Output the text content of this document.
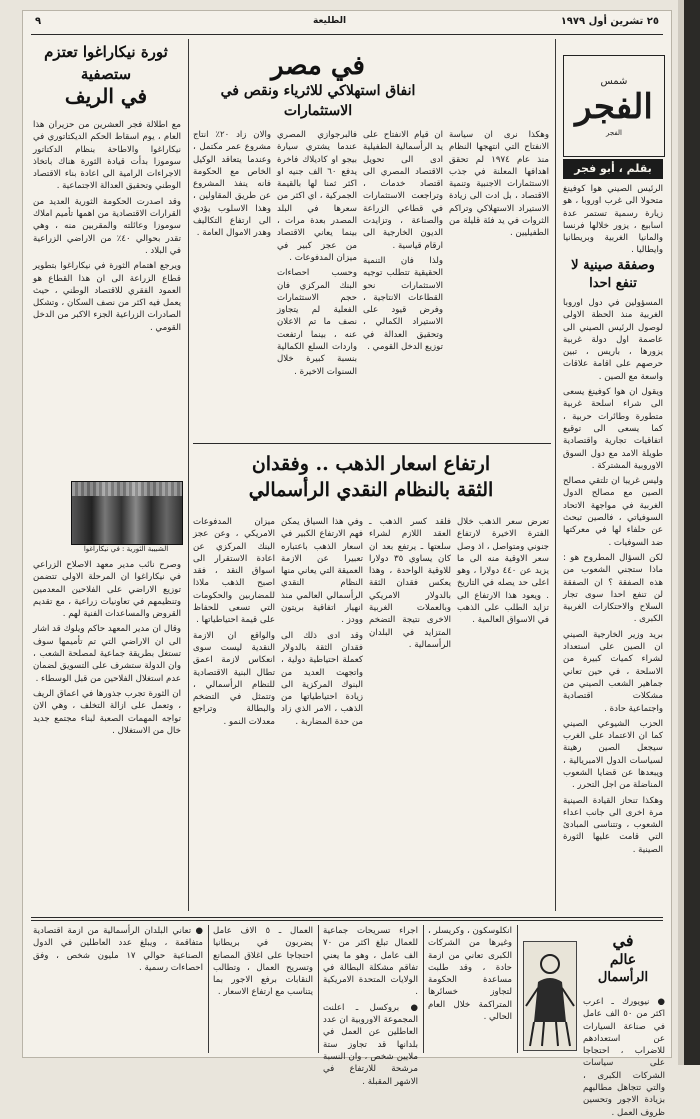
٢٥ تشرين أول ١٩٧٩
الطليعة
٩
ثورة نيكاراغوا تعتزم ستصفية
في الريف

مع اطلالة فجر العشرين من حزيران هذا العام ، يوم اسقاط الحكم الديكتاتوري في نيكاراغوا والاطاحة بنظام الدكتاتور سوموزا بدأت قيادة الثورة هناك باتخاذ الاجراءات الرامية الى اعادة بناء الاقتصاد الوطني وتحقيق العدالة الاجتماعية .

وقد اصدرت الحكومة الثورية العديد من القرارات الاقتصادية من اهمها تأميم املاك سوموزا وعائلته والمقربين منه ، وهي تقدر بحوالي ٤٠٪ من الاراضي الزراعية في البلاد .

ويرجع اهتمام الثورة في نيكاراغوا بتطوير قطاع الزراعة الى ان هذا القطاع هو العمود الفقري للاقتصاد الوطني ، حيث يعمل فيه اكثر من نصف السكان ، وتشكل الصادرات الزراعية الجزء الاكبر من الدخل القومي .

الشبيبة الثورية : في نيكاراغوا

وصرح نائب مدير معهد الاصلاح الزراعي في نيكاراغوا ان المرحلة الاولى تتضمن توزيع الاراضي على الفلاحين المعدمين وتنظيمهم في تعاونيات زراعية ، مع تقديم القروض والمساعدات الفنية لهم .

وقال ان مدير المعهد حاكم ويلوك قد اشار الى ان الاراضي التي تم تأميمها سوف تستغل بطريقة جماعية لمصلحة الشعب ، وان الدولة ستشرف على التسويق لضمان عدم استغلال الفلاحين من قبل الوسطاء .

ان الثورة تجرب جذورها في اعماق الريف ، وتعمل على ازالة التخلف ، وهي الان تواجه المهمات الصعبة لبناء مجتمع جديد خال من الاستغلال .

في مصر
انفاق استهلاكي للاثرياء ونقص في الاستثمارات

والان زاد ٢٠٪ انتاج مشروع عمر مكتمل ، وعندما يتعاقد الوكيل الخاص مع الحكومة فانه ينفذ المشروع عن طريق المقاولين ، وهذا الاسلوب يؤدي الى ارتفاع التكاليف وهدر الاموال العامة .

فالبرجوازي المصري عندما يشتري سيارة بيجو او كاديلاك فاخرة يدفع ٦٠ الف جنيه او اكثر ثمنا لها بالقيمة الجمركية ، اي اكثر من سعرها في البلد المصدر بعدة مرات ، بينما يعاني الاقتصاد من عجز كبير في ميزان المدفوعات .

وحسب احصاءات البنك المركزي فان حجم الاستثمارات الفعلية لم يتجاوز نصف ما تم الاعلان عنه ، بينما ارتفعت واردات السلع الكمالية بنسبة كبيرة خلال السنوات الاخيرة .

ان قيام الانفتاح على يد الرأسمالية الطفيلية ادى الى تحويل الاقتصاد المصري الى اقتصاد خدمات ، وتراجعت الاستثمارات في قطاعي الزراعة والصناعة ، وتزايدت الديون الخارجية الى ارقام قياسية .

ولذا فان التنمية الحقيقية تتطلب توجيه الاستثمارات نحو القطاعات الانتاجية ، وفرض قيود على الاستيراد الكمالي ، وتحقيق العدالة في توزيع الدخل القومي .

وهكذا نرى ان سياسة الانفتاح التي انتهجها النظام منذ عام ١٩٧٤ لم تحقق اهدافها المعلنة في جذب الاستثمارات الاجنبية وتنمية الاقتصاد ، بل ادت الى زيادة الاستيراد الاستهلاكي وتراكم الثروات في يد فئة قليلة من الطفيليين .

ارتفاع اسعار الذهب .. وفقدان
الثقة بالنظام النقدي الرأسمالي

ميزان المدفوعات الامريكي ، وعن عجز البنك المركزي عن اعادة الاستقرار الى اسواق النقد ، فقد اصبح الذهب ملاذا للمضاربين والحكومات التي تسعى للحفاظ على قيمة احتياطياتها .

والواقع ان الازمة النقدية ليست سوى انعكاس لازمة اعمق تطال البنية الاقتصادية للنظام الرأسمالي ، وتتمثل في التضخم والبطالة وتراجع معدلات النمو .

وفي هذا السياق يمكن فهم الارتفاع الكبير في اسعار الذهب باعتباره تعبيرا عن الازمة العميقة التي يعاني منها النظام النقدي الرأسمالي العالمي منذ انهيار اتفاقية بريتون وودز .

وقد ادى ذلك الى فقدان الثقة بالدولار كعملة احتياطية دولية ، واتجهت العديد من البنوك المركزية الى زيادة احتياطياتها من الذهب ، الامر الذي زاد من حدة المضاربة .

فلقد كسر الذهب ـ العقد اللازم لشراء سلعتها ـ يرتفع بعد ان كان يساوي ٣٥ دولارا للاوقية الواحدة ، وهذا يعكس فقدان الثقة بالدولار الامريكي وبالعملات الغربية الاخرى نتيجة التضخم المتزايد في البلدان الرأسمالية .

تعرض سعر الذهب خلال الفترة الاخيرة لارتفاع جنوني ومتواصل ، اذ وصل سعر الاوقية منه الى ما يزيد عن ٤٤٠ دولارا ، وهو اعلى حد يصله في التاريخ . ويعود هذا الارتفاع الى تزايد الطلب على الذهب في الاسواق العالمية .

شمس
الفجر
الفجر
بقلم ، أبو فجر

الرئيس الصيني هوا كوفينغ متحولا الى غرب اوروبا ، هو زيارة رسمية تستمر عدة اسابيع ، يزور خلالها فرنسا والمانيا الغربية وبريطانيا وايطاليا .

وصفقة صينية لا تنفع احدا

المسؤولين في دول اوروبا الغربية منذ الحظة الاولى لوصول الرئيس الصيني الى عاصمة اول دولة غربية يزورها ، باريس ، تبين حرصهم على اقامة علاقات واسعة مع الصين .

ويقول ان هوا كوفينغ يسعى الى شراء اسلحة غربية متطورة وطائرات حربية ، كما يسعى الى توقيع اتفاقيات تجارية واقتصادية طويلة الامد مع دول السوق الاوروبية المشتركة .

وليس غريبا ان تلتقي مصالح الصين مع مصالح الدول الغربية في مواجهة الاتحاد السوفياتي ، فالصين تبحث عن حلفاء لها في معركتها ضد السوفيات .

لكن السؤال المطروح هو : ماذا ستجني الشعوب من هذه الصفقة ؟ ان الصفقة لن تنفع احدا سوى تجار السلاح والاحتكارات الغربية الكبرى .

بريد وزير الخارجية الصيني ان الصين على استعداد لشراء كميات كبيرة من الاسلحة ، في حين تعاني جماهير الشعب الصيني من مشكلات اقتصادية واجتماعية حادة .

الحزب الشيوعي الصيني كما ان الاعتماد على الغرب سيجعل الصين رهينة لسياسات الدول الامبريالية ، ويبعدها عن قضايا الشعوب المناضلة من اجل التحرر .

وهكذا تنحاز القيادة الصينية مرة اخرى الى جانب اعداء الشعوب ، وتتناسى المبادئ التي قامت عليها الثورة الصينية .

في
عالم
الرأسمال

● نيويورك ـ اعرب اكثر من ٥٠ الف عامل في صناعة السيارات عن استعدادهم للاضراب ، احتجاجا على سياسات الشركات الكبرى ، والتي تتجاهل مطالبهم بزيادة الاجور وتحسين ظروف العمل .

انكلوسكون ، وكريسلر ، وغيرها من الشركات الكبرى تعاني من ازمة حادة ، وقد طلبت مساعدة الحكومة لتجاوز خسائرها المتراكمة خلال العام الحالي .

اجراء تسريحات جماعية للعمال تبلغ اكثر من ٧٠ الف عامل ، وهو ما يعني تفاقم مشكلة البطالة في الولايات المتحدة الامريكية .

● بروكسل ـ اعلنت المجموعة الاوروبية ان عدد العاطلين عن العمل في بلدانها قد تجاوز ستة ملايين شخص ، وان النسبة مرشحة للارتفاع في الاشهر المقبلة .

العمال ـ ٥ الاف عامل يضربون في بريطانيا احتجاجا على اغلاق المصانع وتسريح العمال ، وتطالب النقابات برفع الاجور بما يتناسب مع ارتفاع الاسعار .

● تعاني البلدان الرأسمالية من ازمة اقتصادية متفاقمة ، ويبلغ عدد العاطلين في الدول الصناعية حوالي ١٧ مليون شخص ، وفق احصاءات رسمية .
